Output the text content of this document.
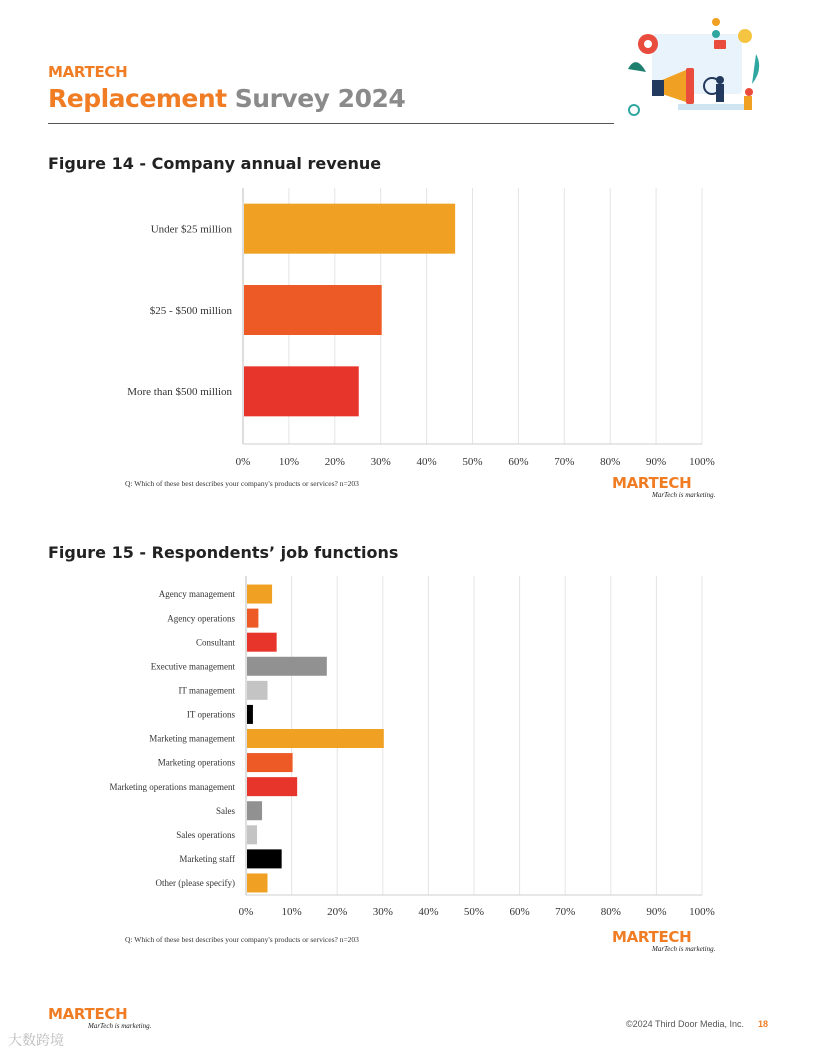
MARTECH
Replacement Survey 2024
Figure 14 - Company annual revenue
0%	10% 20% 30% 40% 50% 60% 70% 80% 90% 100%
Under $25 million
$25 - $500 million
More than $500 million
Q: Which of these best describes your company's products or services? n=203	MARTECH
MarTech is marketing.
Figure 15 - Respondents’ job functions
0%	10% 20% 30% 40% 50% 60% 70% 80% 90% 100%
Agency management
Agency operations
Consultant
Executive management
IT management
IT operations
Marketing management
Marketing operations
Marketing operations management
Sales
Sales operations
Marketing staff
Other (please specify)
Q: Which of these best describes your company's products or services? n=203	MARTECH
MarTech is marketing.
MARTECH
MarTech is marketing.	©2024 Third Door Media, Inc. 18
大数跨境
